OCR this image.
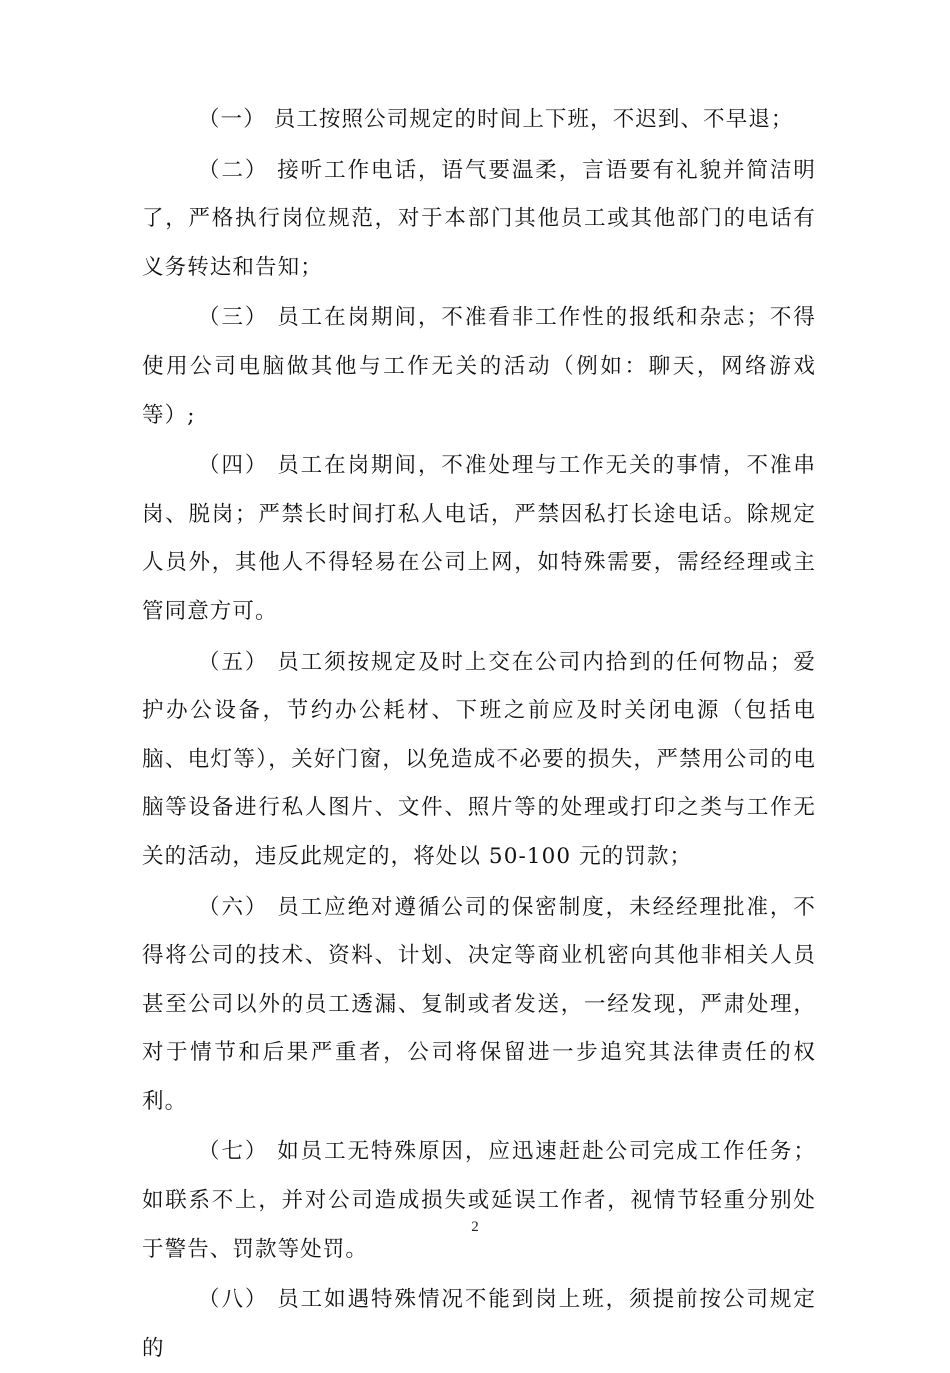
（一） 员工按照公司规定的时间上下班，不迟到、不早退；

（二） 接听工作电话，语气要温柔，言语要有礼貌并简洁明了，严格执行岗位规范，对于本部门其他员工或其他部门的电话有义务转达和告知；

（三） 员工在岗期间，不准看非工作性的报纸和杂志；不得使用公司电脑做其他与工作无关的活动（例如：聊天，网络游戏等）;

（四） 员工在岗期间，不准处理与工作无关的事情，不准串岗、脱岗；严禁长时间打私人电话，严禁因私打长途电话。除规定人员外，其他人不得轻易在公司上网，如特殊需要，需经经理或主管同意方可。

（五） 员工须按规定及时上交在公司内拾到的任何物品；爱护办公设备，节约办公耗材、下班之前应及时关闭电源（包括电脑、电灯等），关好门窗，以免造成不必要的损失，严禁用公司的电脑等设备进行私人图片、文件、照片等的处理或打印之类与工作无关的活动，违反此规定的，将处以 50-100 元的罚款；

（六） 员工应绝对遵循公司的保密制度，未经经理批准，不得将公司的技术、资料、计划、决定等商业机密向其他非相关人员甚至公司以外的员工透漏、复制或者发送，一经发现，严肃处理，对于情节和后果严重者，公司将保留进一步追究其法律责任的权利。

（七） 如员工无特殊原因，应迅速赶赴公司完成工作任务；如联系不上，并对公司造成损失或延误工作者，视情节轻重分别处于警告、罚款等处罚。

（八） 员工如遇特殊情况不能到岗上班，须提前按公司规定的

2
